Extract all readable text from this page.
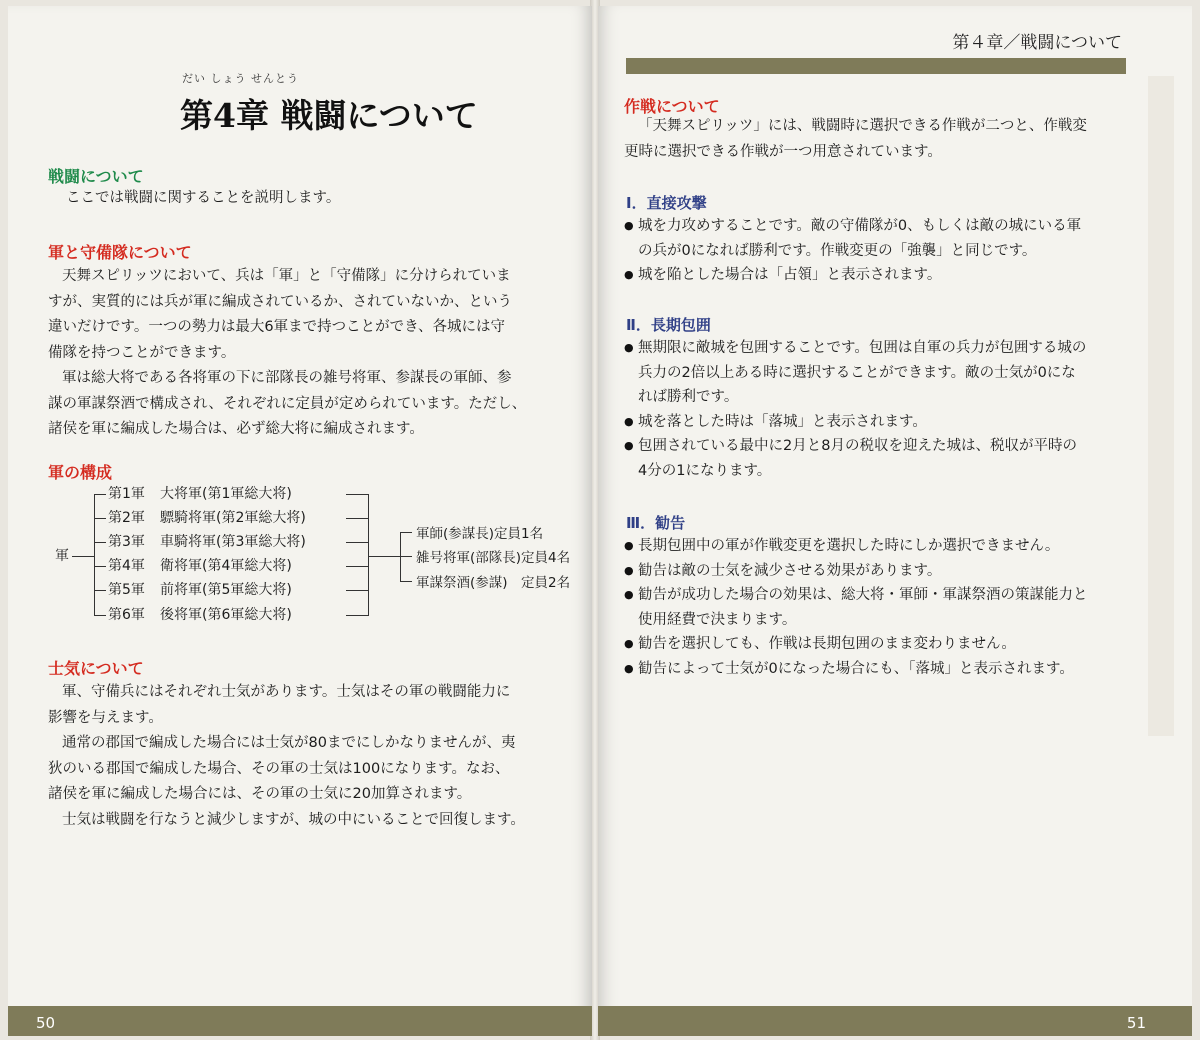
だい しょう せんとう
第4章 戦闘について
戦闘について

ここでは戦闘に関することを説明します。

軍と守備隊について

天舞スピリッツにおいて、兵は「軍」と「守備隊」に分けられていま

すが、実質的には兵が軍に編成されているか、されていないか、という

違いだけです。一つの勢力は最大6軍まで持つことができ、各城には守

備隊を持つことができます。

軍は総大将である各将軍の下に部隊長の雑号将軍、参謀長の軍師、参

謀の軍謀祭酒で構成され、それぞれに定員が定められています。ただし、

諸侯を軍に編成した場合は、必ず総大将に編成されます。

軍の構成
軍
第1軍 大将軍(第1軍総大将)
第2軍 驃騎将軍(第2軍総大将)
第3軍 車騎将軍(第3軍総大将)
第4軍 衛将軍(第4軍総大将)
第5軍 前将軍(第5軍総大将)
第6軍 後将軍(第6軍総大将)
軍師(参謀長)定員1名
雑号将軍(部隊長)定員4名
軍謀祭酒(参謀)　定員2名
士気について

軍、守備兵にはそれぞれ士気があります。士気はその軍の戦闘能力に

影響を与えます。

通常の郡国で編成した場合には士気が80までにしかなりませんが、夷

狄のいる郡国で編成した場合、その軍の士気は100になります。なお、

諸侯を軍に編成した場合には、その軍の士気に20加算されます。

士気は戦闘を行なうと減少しますが、城の中にいることで回復します。

50
第４章／戦闘について
作戦について

「天舞スピリッツ」には、戦闘時に選択できる作戦が二つと、作戦変

更時に選択できる作戦が一つ用意されています。

Ⅰ．直接攻撃
● 城を力攻めすることです。敵の守備隊が0、もしくは敵の城にいる軍
の兵が0になれば勝利です。作戦変更の「強襲」と同じです。
● 城を陥とした場合は「占領」と表示されます。
Ⅱ．長期包囲
● 無期限に敵城を包囲することです。包囲は自軍の兵力が包囲する城の
兵力の2倍以上ある時に選択することができます。敵の士気が0にな
れば勝利です。
● 城を落とした時は「落城」と表示されます。
● 包囲されている最中に2月と8月の税収を迎えた城は、税収が平時の
4分の1になります。
Ⅲ．勧告
● 長期包囲中の軍が作戦変更を選択した時にしか選択できません。
● 勧告は敵の士気を減少させる効果があります。
● 勧告が成功した場合の効果は、総大将・軍師・軍謀祭酒の策謀能力と
使用経費で決まります。
● 勧告を選択しても、作戦は長期包囲のまま変わりません。
● 勧告によって士気が0になった場合にも、「落城」と表示されます。
51
